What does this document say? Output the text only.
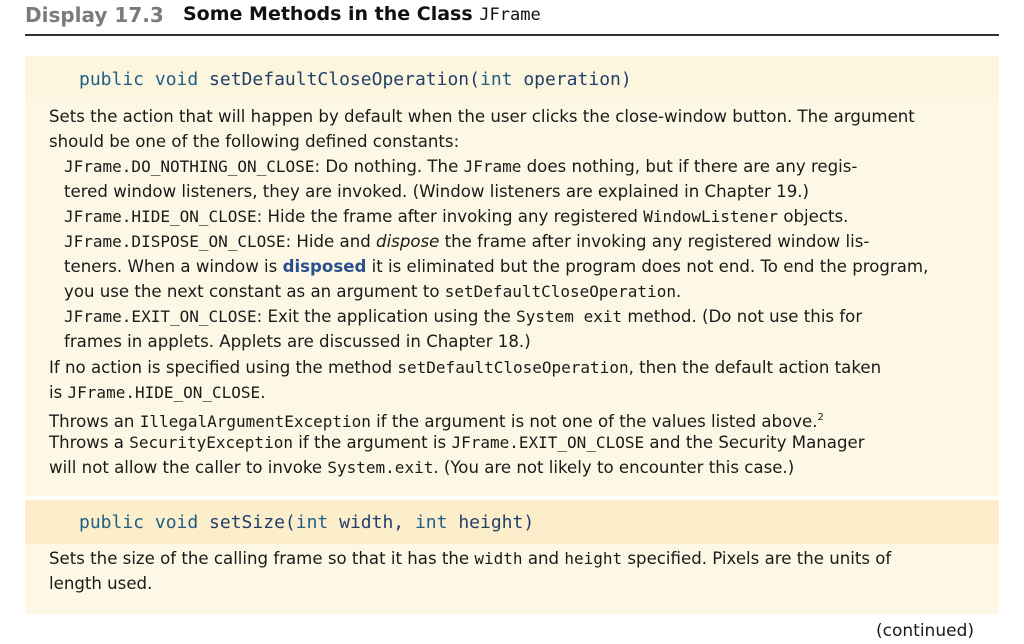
Display 17.3 Some Methods in the Class JFrame
public void setDefaultCloseOperation(int operation)
Sets the action that will happen by default when the user clicks the close-window button. The argument
should be one of the following defined constants:
JFrame.DO_NOTHING_ON_CLOSE: Do nothing. The JFrame does nothing, but if there are any regis-
tered window listeners, they are invoked. (Window listeners are explained in Chapter 19.)
JFrame.HIDE_ON_CLOSE: Hide the frame after invoking any registered WindowListener objects.
JFrame.DISPOSE_ON_CLOSE: Hide and dispose the frame after invoking any registered window lis-
teners. When a window is disposed it is eliminated but the program does not end. To end the program,
you use the next constant as an argument to setDefaultCloseOperation.
JFrame.EXIT_ON_CLOSE: Exit the application using the System exit method. (Do not use this for
frames in applets. Applets are discussed in Chapter 18.)
If no action is specified using the method setDefaultCloseOperation, then the default action taken
is JFrame.HIDE_ON_CLOSE.
Throws an IllegalArgumentException if the argument is not one of the values listed above.$^2$
Throws a SecurityException if the argument is JFrame.EXIT_ON_CLOSE and the Security Manager
will not allow the caller to invoke System.exit. (You are not likely to encounter this case.)
public void setSize(int width, int height)
Sets the size of the calling frame so that it has the width and height specified. Pixels are the units of
length used.
(continued)
